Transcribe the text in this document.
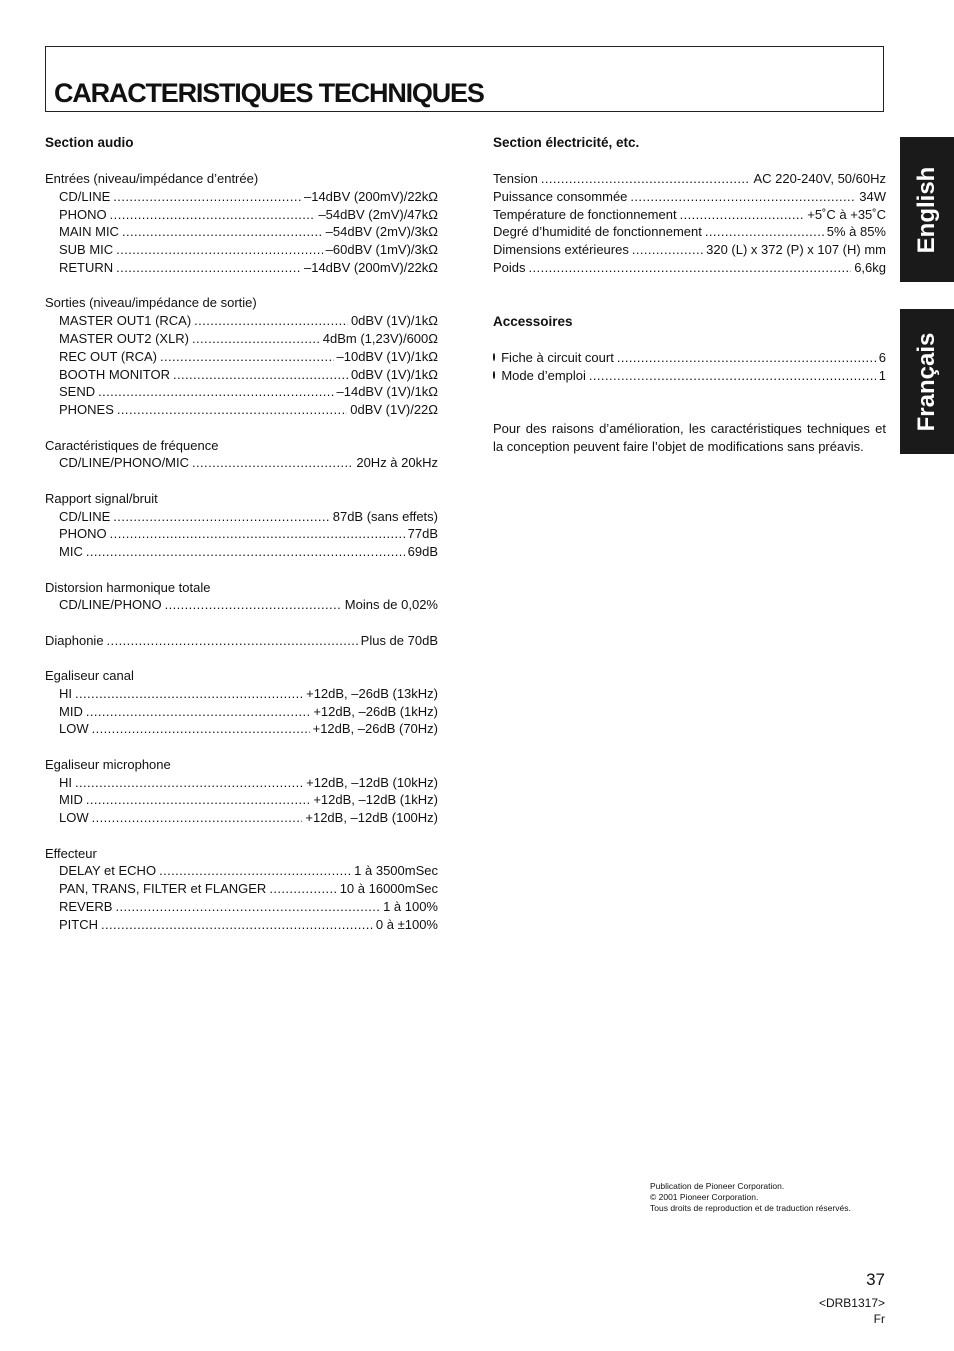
CARACTERISTIQUES TECHNIQUES
English
Français
Section audio
Entrées (niveau/impédance d’entrée)
CD/LINE .....	–14dBV (200mV)/22kΩ
PHONO .....	–54dBV (2mV)/47kΩ
MAIN MIC .....	–54dBV (2mV)/3kΩ
SUB MIC .....	–60dBV (1mV)/3kΩ
RETURN .....	–14dBV (200mV)/22kΩ
Sorties (niveau/impédance de sortie)
MASTER OUT1 (RCA) .....	0dBV (1V)/1kΩ
MASTER OUT2 (XLR) .....	4dBm (1,23V)/600Ω
REC OUT (RCA) .....	–10dBV (1V)/1kΩ
BOOTH MONITOR .....	0dBV (1V)/1kΩ
SEND .....	–14dBV (1V)/1kΩ
PHONES .....	0dBV (1V)/22Ω
Caractéristiques de fréquence
CD/LINE/PHONO/MIC .....	20Hz à 20kHz
Rapport signal/bruit
CD/LINE .....	87dB (sans effets)
PHONO .....	77dB
MIC .....	69dB
Distorsion harmonique totale
CD/LINE/PHONO .....	Moins de 0,02%
Diaphonie .....	Plus de 70dB
Egaliseur canal
HI .....	+12dB, –26dB (13kHz)
MID .....	+12dB, –26dB (1kHz)
LOW .....	+12dB, –26dB (70Hz)
Egaliseur microphone
HI .....	+12dB, –12dB (10kHz)
MID .....	+12dB, –12dB (1kHz)
LOW .....	+12dB, –12dB (100Hz)
Effecteur
DELAY et ECHO .....	1 à 3500mSec
PAN, TRANS, FILTER et FLANGER .....	10 à 16000mSec
REVERB .....	1 à 100%
PITCH .....	0 à ±100%
Section électricité, etc.
Tension .....	AC 220-240V, 50/60Hz
Puissance consommée .....	34W
Température de fonctionnement .....	+5˚C à +35˚C
Degré d’humidité de fonctionnement .....	5% à 85%
Dimensions extérieures .....	320 (L) x 372 (P) x 107 (H) mm
Poids .....	6,6kg
Accessoires
Fiche à circuit court .....	6
Mode d’emploi .....	1
Pour des raisons d’amélioration, les caractéristiques techniques et la conception peuvent faire l’objet de modifications sans préavis.
Publication de Pioneer Corporation.
© 2001 Pioneer Corporation.
Tous droits de reproduction et de traduction réservés.
37
<DRB1317>
Fr
